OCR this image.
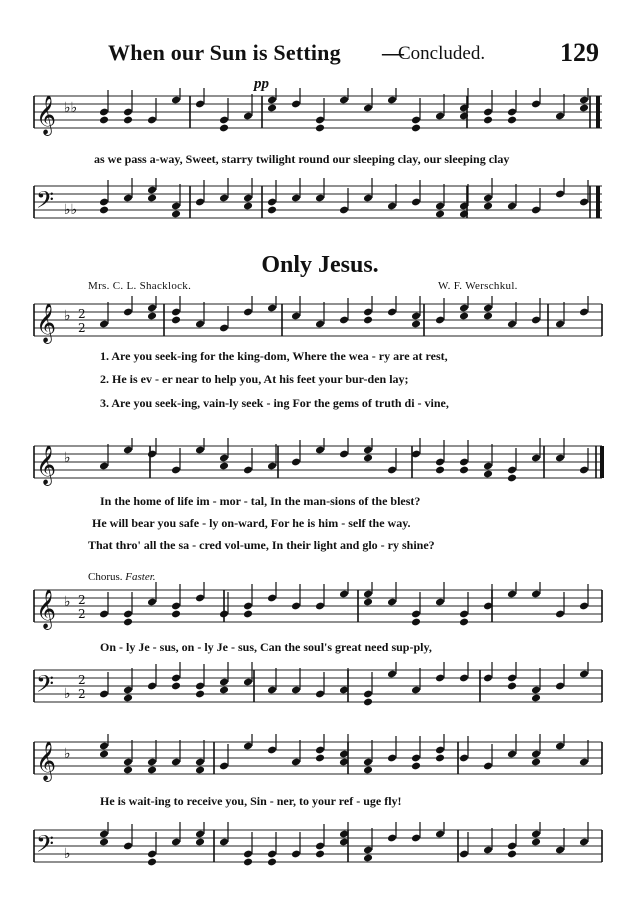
When our Sun is Setting —
Concluded.	129
𝄞 ♭♭
pp
as we pass a-way, Sweet, starry twilight round our sleeping clay, our sleeping clay
𝄢 ♭♭
Only Jesus.
Mrs. C. L. Shacklock.	W. F. Werschkul.
𝄞 ♭ 2
2
1. Are you seek-ing for the king-dom, Where the wea - ry are at rest,
2. He is ev - er near to help you, At his feet your bur-den lay;
3. Are you seek-ing, vain-ly seek - ing For the gems of truth di - vine,
𝄞 ♭
In the home of life im - mor - tal, In the man-sions of the blest?
He will bear you safe - ly on-ward, For he is him - self the way.
That thro' all the sa - cred vol-ume, In their light and glo - ry shine?
Chorus. Faster.
𝄞 ♭ 2
2
On - ly Je - sus, on - ly Je - sus, Can the soul's great need sup-ply,
𝄢 ♭
2
2
𝄞 ♭
He is wait-ing to receive you, Sin - ner, to your ref - uge fly!
𝄢 ♭
